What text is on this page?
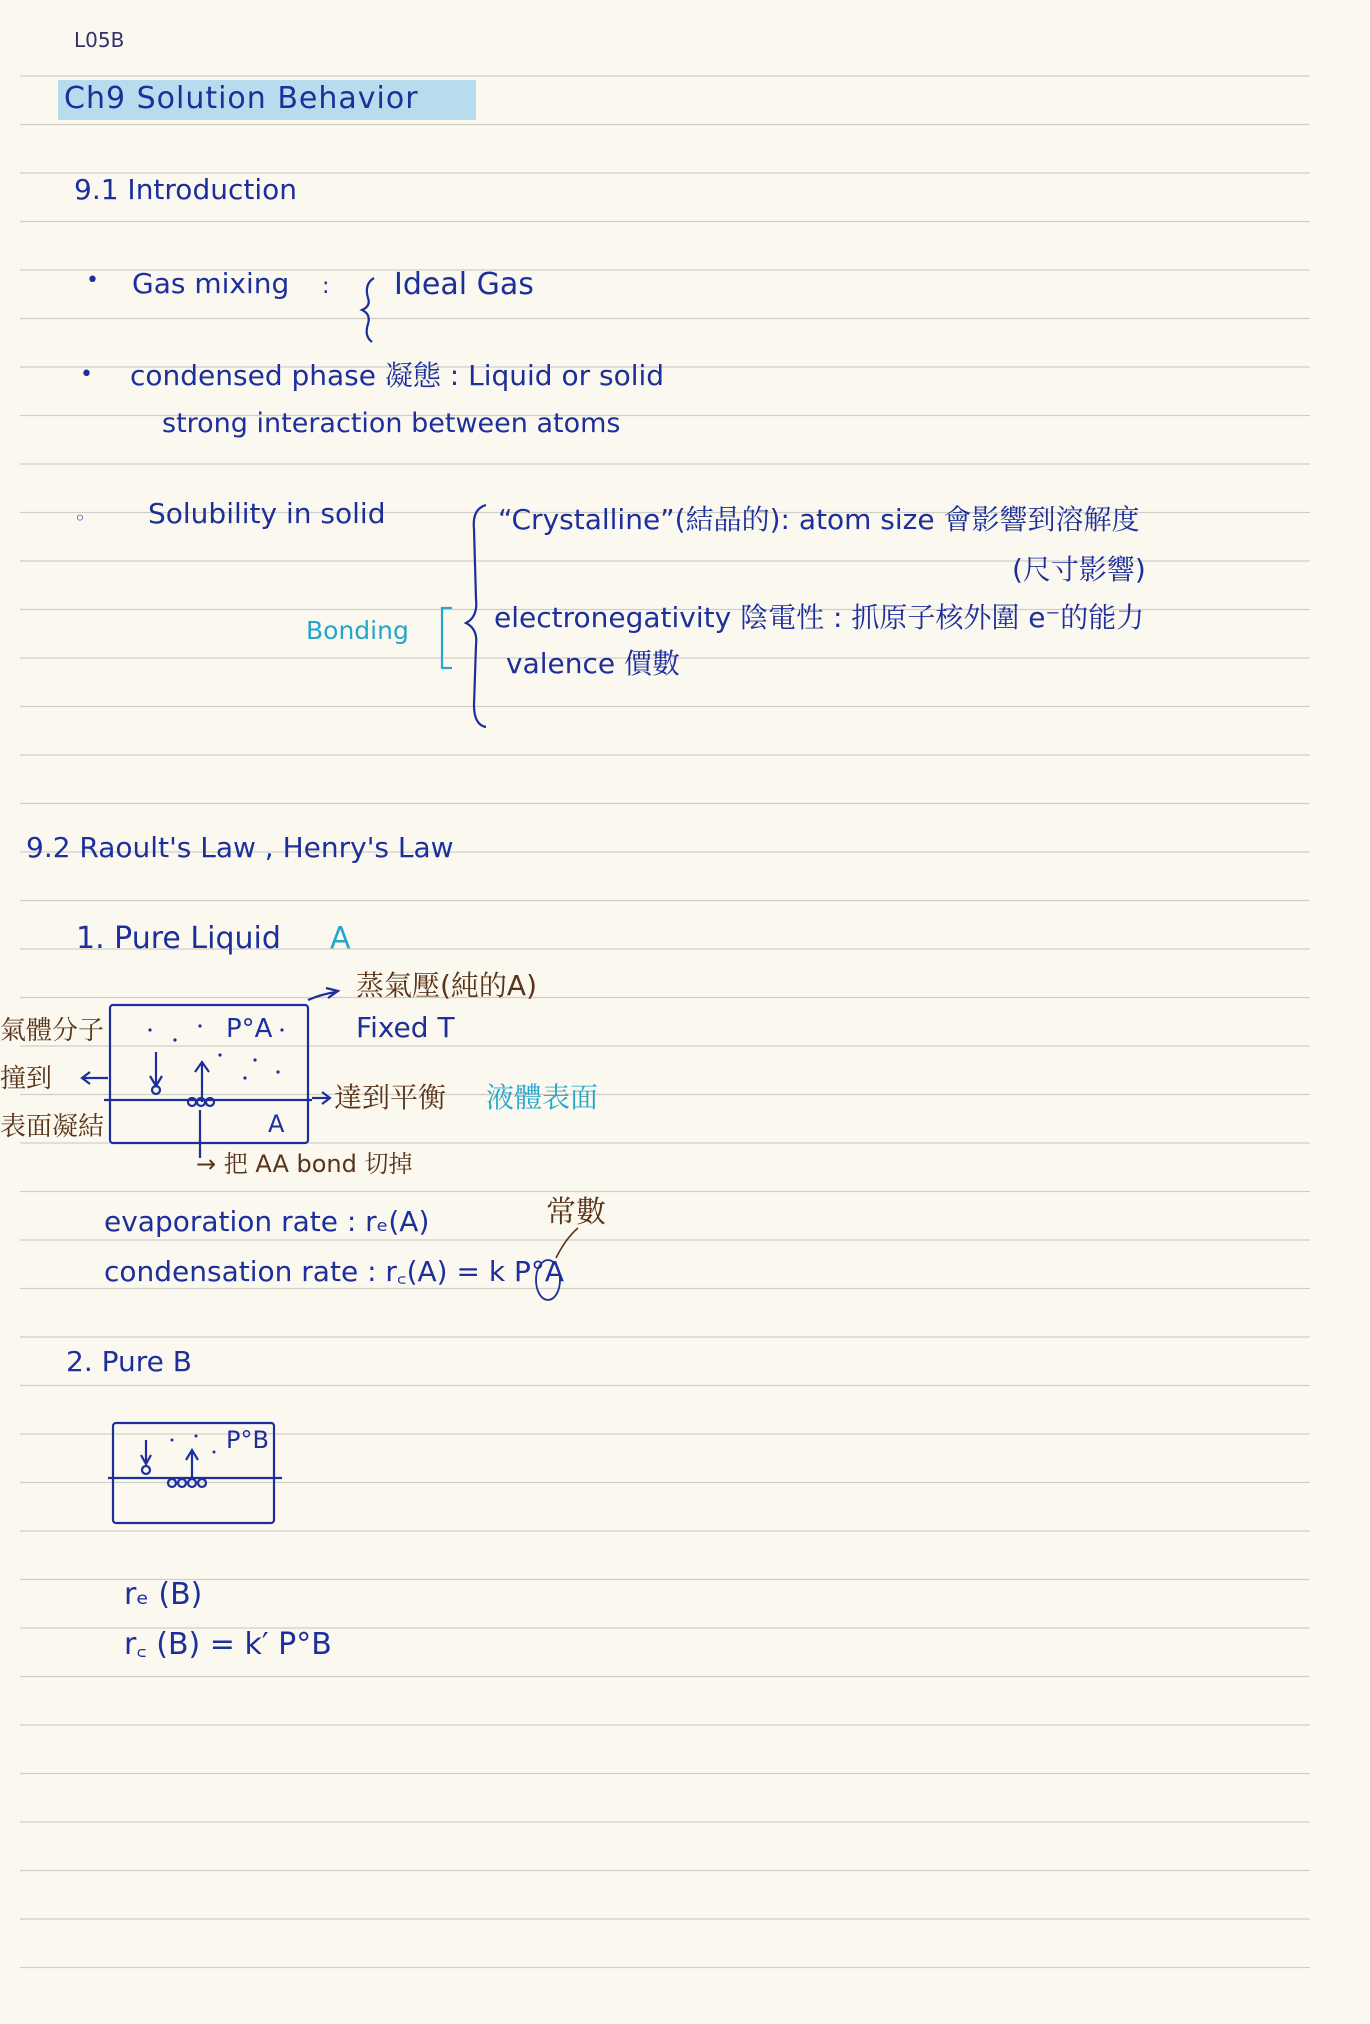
L05B
Ch9 Solution Behavior
9.1 Introduction
• Gas mixing : Ideal Gas
• condensed phase 凝態 : Liquid or solid
strong interaction between atoms
◦ Solubility in solid	“Crystalline”(結晶的): atom size 會影響到溶解度
(尺寸影響)
Bonding	electronegativity 陰電性 : 抓原子核外圍 e⁻的能力
valence 價數
9.2 Raoult's Law , Henry's Law
1. Pure Liquid A
蒸氣壓(純的A)
Fixed T
氣體分子
撞到
表面凝結
P°A
A
達到平衡 液體表面
→ 把 AA bond 切掉
常數
evaporation rate : rₑ(A)
condensation rate : r꜀(A) = k P°A
2. Pure B
P°B
rₑ (B)
r꜀ (B) = k′ P°B
